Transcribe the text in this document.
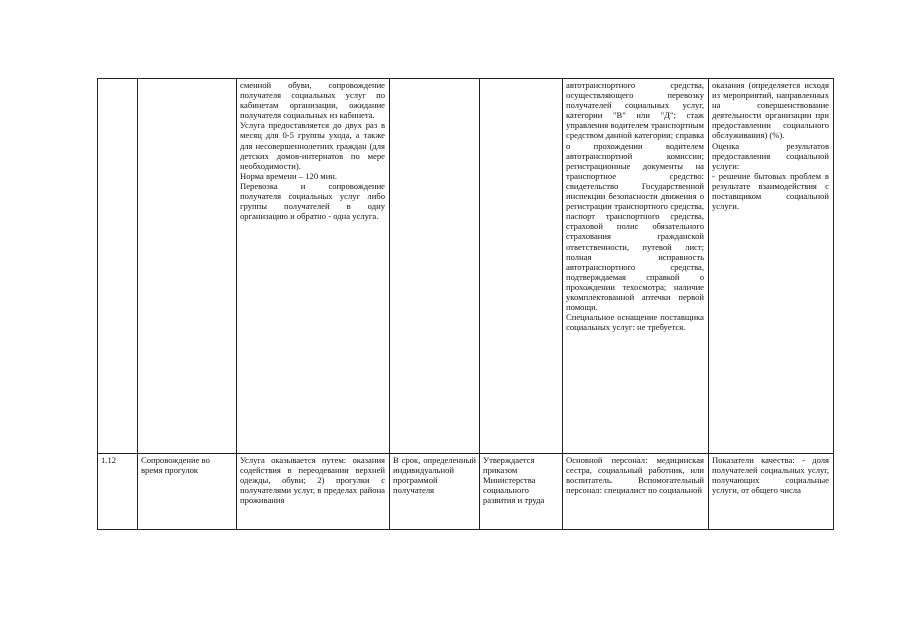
сменной обуви, сопровождение получателя социальных услуг по кабинетам организации, ожидание получателя социальных из кабинета.

Услуга предоставляется до двух раз в месяц для 0-5 группы ухода, а также для несовершеннолетних граждан (для детских домов-интернатов по мере необходимости).

Норма времени – 120 мин.

Перевозка и сопровождение получателя социальных услуг либо группы получателей в одну организацию и обратно - одна услуга.

автотранспортного средства, осуществляющего перевозку получателей социальных услуг, категории "В" или "Д"; стаж управления водителем транспортным средством данной категории; справка о прохождении водителем автотранспортной комиссии; регистрационные документы на транспортное средство: свидетельство Государственной инспекции безопасности движения о регистрации транспортного средства, паспорт транспортного средства, страховой полис обязательного страхования гражданской ответственности, путевой лист; полная исправность автотранспортного средства, подтверждаемая справкой о прохождении техосмотра; наличие укомплектованной аптечки первой помощи.

Специальное оснащение поставщика социальных услуг: не требуется.

оказания (определяется исходя из мероприятий, направленных на совершенствование деятельности организации при предоставлении социального обслуживания) (%).

Оценка результатов предоставления социальной услуги:

- решение бытовых проблем в результате взаимодействия с поставщиком социальной услуги.

1.12	Сопровождение во время прогулок

Услуга оказывается путем: оказания содействия в переодевании верхней одежды, обуви; 2) прогулки с получателями услуг, в пределах района проживания

В срок, определенный индивидуальной программой получателя

Утверждается приказом Министерства социального развития и труда

Основной персонал: медицинская сестра, социальный работник, или воспитатель. Вспомогательный персонал: специалист по социальной

Показатели качества: - доля получателей социальных услуг, получающих социальные услуги, от общего числа
